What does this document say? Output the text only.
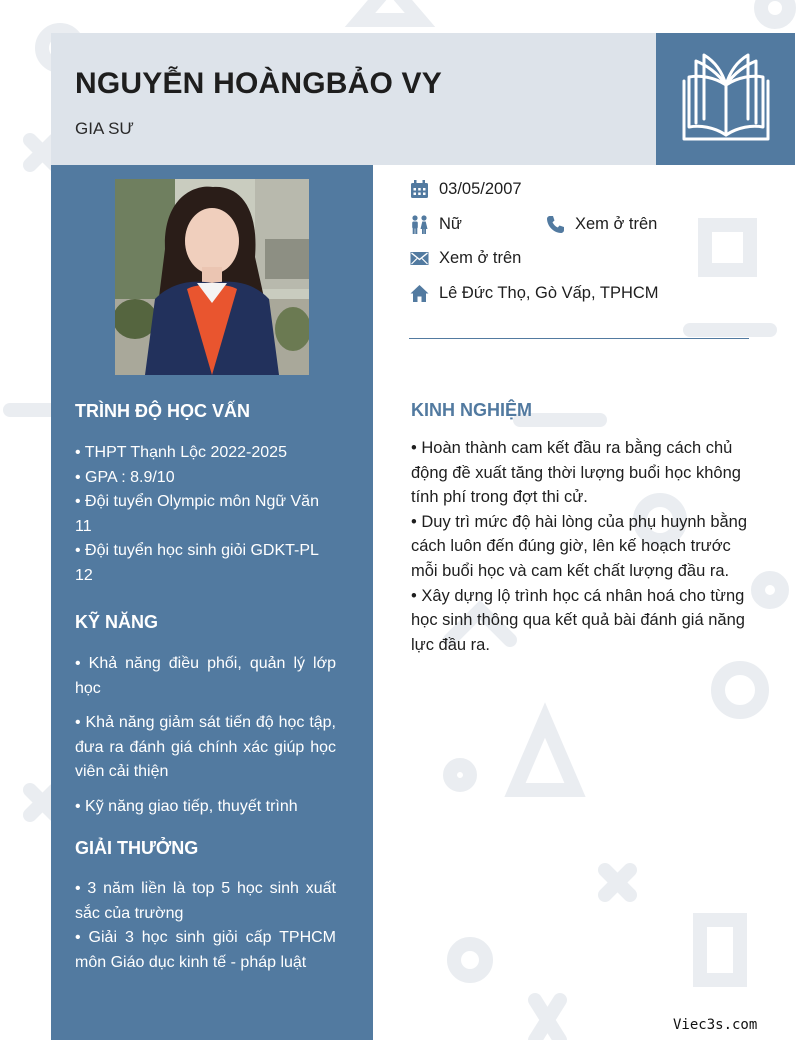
NGUYỄN HOÀNGBẢO VY
GIA SƯ
TRÌNH ĐỘ HỌC VẤN
• THPT Thạnh Lộc 2022-2025
• GPA : 8.9/10
• Đội tuyển Olympic môn Ngữ Văn 11
• Đội tuyển học sinh giỏi GDKT-PL 12
KỸ NĂNG
• Khả năng điều phối, quản lý lớp học
• Khả năng giảm sát tiến độ học tập, đưa ra đánh giá chính xác giúp học viên cải thiện
• Kỹ năng giao tiếp, thuyết trình
GIẢI THƯỞNG
• 3 năm liền là top 5 học sinh xuất sắc của trường
• Giải 3 học sinh giỏi cấp TPHCM môn Giáo dục kinh tế - pháp luật
03/05/2007
Nữ	Xem ở trên
Xem ở trên
Lê Đức Thọ, Gò Vấp, TPHCM
KINH NGHIỆM
• Hoàn thành cam kết đầu ra bằng cách chủ động đề xuất tăng thời lượng buổi học không tính phí trong đợt thi cử.
• Duy trì mức độ hài lòng của phụ huynh bằng cách luôn đến đúng giờ, lên kế hoạch trước mỗi buổi học và cam kết chất lượng đầu ra.
• Xây dựng lộ trình học cá nhân hoá cho từng học sinh thông qua kết quả bài đánh giá năng lực đầu ra.
Viec3s.com
